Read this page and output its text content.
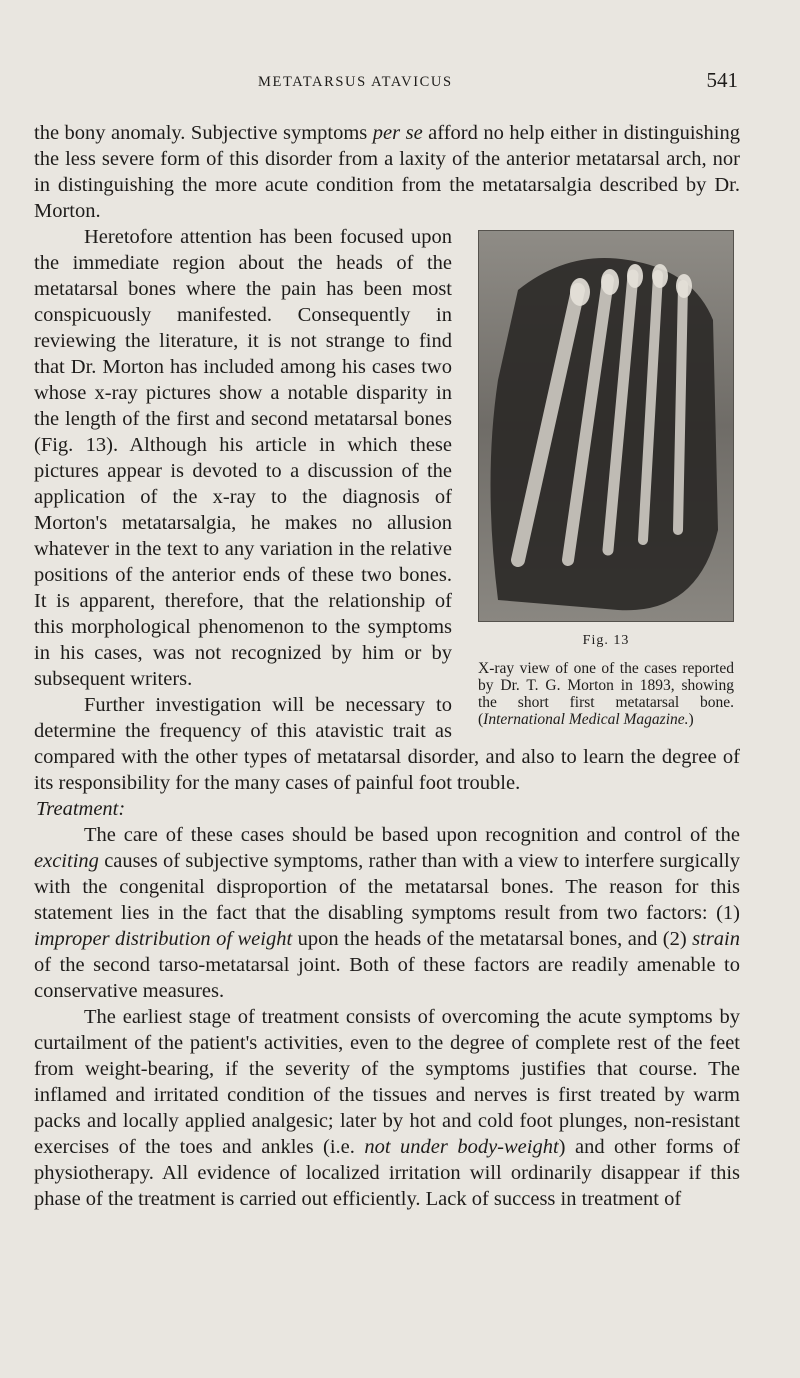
METATARSUS ATAVICUS	541

the bony anomaly. Subjective symptoms per se afford no help either in distinguishing the less severe form of this disorder from a laxity of the anterior metatarsal arch, nor in distinguishing the more acute condition from the metatarsalgia described by Dr. Morton.

Fig. 13
X-ray view of one of the cases reported by Dr. T. G. Morton in 1893, showing the short first metatarsal bone. (International Medical Magazine.)

Heretofore attention has been focused upon the immediate region about the heads of the metatarsal bones where the pain has been most conspicuously manifested. Consequently in reviewing the literature, it is not strange to find that Dr. Morton has included among his cases two whose x-ray pictures show a notable disparity in the length of the first and second metatarsal bones (Fig. 13). Although his article in which these pictures appear is devoted to a discussion of the application of the x-ray to the diagnosis of Morton's metatarsalgia, he makes no allusion whatever in the text to any variation in the relative positions of the anterior ends of these two bones. It is apparent, therefore, that the relationship of this morphological phenomenon to the symptoms in his cases, was not recognized by him or by subsequent writers.

Further investigation will be necessary to determine the frequency of this atavistic trait as compared with the other types of metatarsal disorder, and also to learn the degree of its responsibility for the many cases of painful foot trouble.

Treatment:

The care of these cases should be based upon recognition and control of the exciting causes of subjective symptoms, rather than with a view to interfere surgically with the congenital disproportion of the metatarsal bones. The reason for this statement lies in the fact that the disabling symptoms result from two factors: (1) improper distribution of weight upon the heads of the metatarsal bones, and (2) strain of the second tarso-metatarsal joint. Both of these factors are readily amenable to conservative measures.

The earliest stage of treatment consists of overcoming the acute symptoms by curtailment of the patient's activities, even to the degree of complete rest of the feet from weight-bearing, if the severity of the symptoms justifies that course. The inflamed and irritated condition of the tissues and nerves is first treated by warm packs and locally applied analgesic; later by hot and cold foot plunges, non-resistant exercises of the toes and ankles (i.e. not under body-weight) and other forms of physiotherapy. All evidence of localized irritation will ordinarily disappear if this phase of the treatment is carried out efficiently. Lack of success in treatment of
